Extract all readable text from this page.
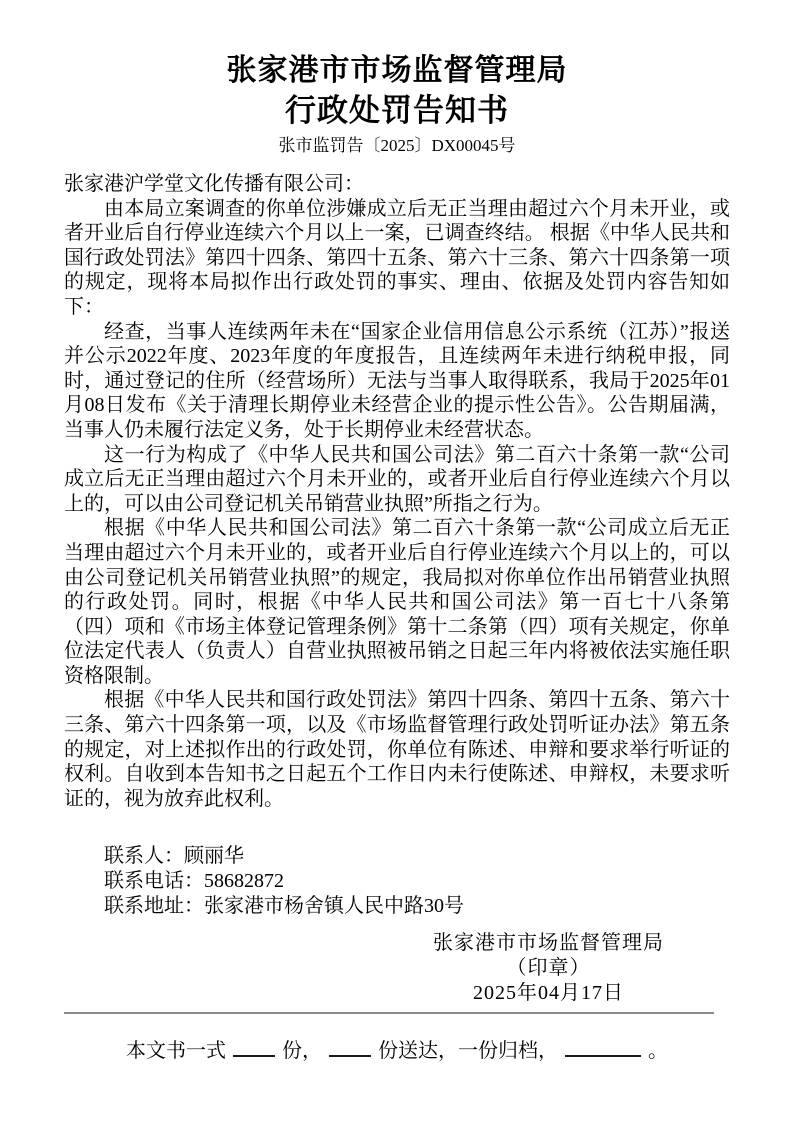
张家港市市场监督管理局
行政处罚告知书
张市监罚告〔2025〕DX00045号

张家港沪学堂文化传播有限公司：

由本局立案调查的你单位涉嫌成立后无正当理由超过六个月未开业，或者开业后自行停业连续六个月以上一案，已调查终结。 根据《中华人民共和国行政处罚法》第四十四条、第四十五条、第六十三条、第六十四条第一项的规定，现将本局拟作出行政处罚的事实、理由、依据及处罚内容告知如下：

经查，当事人连续两年未在“国家企业信用信息公示系统（江苏）”报送并公示2022年度、2023年度的年度报告，且连续两年未进行纳税申报，同时，通过登记的住所（经营场所）无法与当事人取得联系，我局于2025年01月08日发布《关于清理长期停业未经营企业的提示性公告》。公告期届满，当事人仍未履行法定义务，处于长期停业未经营状态。

这一行为构成了《中华人民共和国公司法》第二百六十条第一款“公司成立后无正当理由超过六个月未开业的，或者开业后自行停业连续六个月以上的，可以由公司登记机关吊销营业执照”所指之行为。

根据《中华人民共和国公司法》第二百六十条第一款“公司成立后无正当理由超过六个月未开业的，或者开业后自行停业连续六个月以上的，可以由公司登记机关吊销营业执照”的规定，我局拟对你单位作出吊销营业执照的行政处罚。同时，根据《中华人民共和国公司法》第一百七十八条第（四）项和《市场主体登记管理条例》第十二条第（四）项有关规定，你单位法定代表人（负责人）自营业执照被吊销之日起三年内将被依法实施任职资格限制。

根据《中华人民共和国行政处罚法》第四十四条、第四十五条、第六十三条、第六十四条第一项，以及《市场监督管理行政处罚听证办法》第五条的规定，对上述拟作出的行政处罚，你单位有陈述、申辩和要求举行听证的权利。自收到本告知书之日起五个工作日内未行使陈述、申辩权，未要求听证的，视为放弃此权利。

联系人：顾丽华

联系电话：58682872

联系地址：张家港市杨舍镇人民中路30号

张家港市市场监督管理局

（印章）

2025年04月17日

本文书一式	份，	份送达，一份归档，	。
